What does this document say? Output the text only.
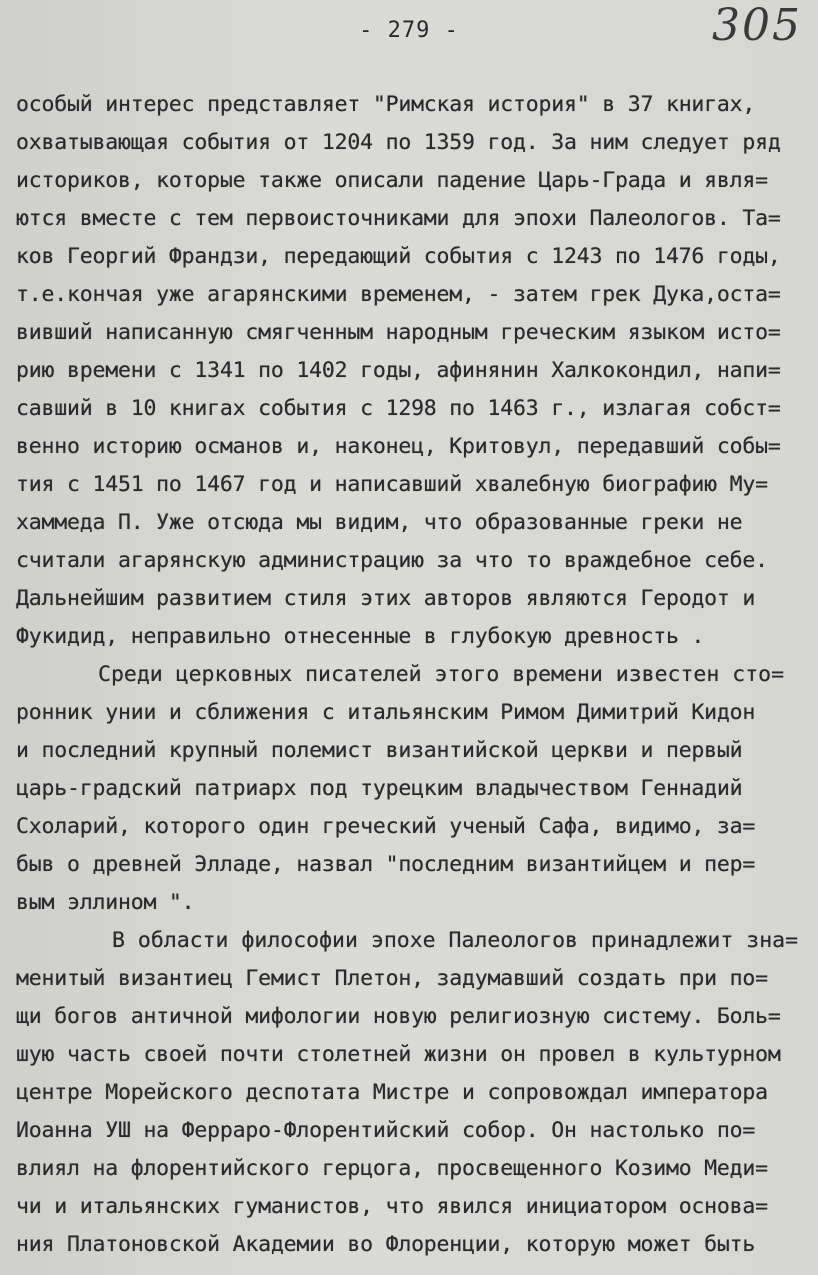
- 279 -	305
особый интерес представляет "Римская история" в 37 книгах,
охватывающая события от 1204 по 1359 год. За ним следует ряд
историков, которые также описали падение Царь-Града и явля=
ются вместе с тем первоисточниками для эпохи Палеологов. Та=
ков Георгий Франдзи, передающий события с 1243 по 1476 годы,
т.е.кончая уже агарянскими временем, - затем грек Дука,оста=
вивший написанную смягченным народным греческим языком исто=
рию времени с 1341 по 1402 годы, афинянин Халкокондил, напи=
савший в 10 книгах события с 1298 по 1463 г., излагая собст=
венно историю османов и, наконец, Критовул, передавший собы=
тия с 1451 по 1467 год и написавший хвалебную биографию Му=
хаммеда П. Уже отсюда мы видим, что образованные греки не
считали агарянскую администрацию за что то враждебное себе.
Дальнейшим развитием стиля этих авторов являются Геродот и
Фукидид, неправильно отнесенные в глубокую древность .
Среди церковных писателей этого времени известен сто=
ронник унии и сближения с итальянским Римом Димитрий Кидон
и последний крупный полемист византийской церкви и первый
царь-градский патриарх под турецким владычеством Геннадий
Схоларий, которого один греческий ученый Сафа, видимо, за=
быв о древней Элладе, назвал "последним византийцем и пер=
вым эллином ".
В области философии эпохе Палеологов принадлежит зна=
менитый византиец Гемист Плетон, задумавший создать при по=
щи богов античной мифологии новую религиозную систему. Боль=
шую часть своей почти столетней жизни он провел в культурном
центре Морейского деспотата Мистре и сопровождал императора
Иоанна УШ на Ферраро-Флорентийский собор. Он настолько по=
влиял на флорентийского герцога, просвещенного Козимо Меди=
чи и итальянских гуманистов, что явился инициатором основа=
ния Платоновской Академии во Флоренции, которую может быть
